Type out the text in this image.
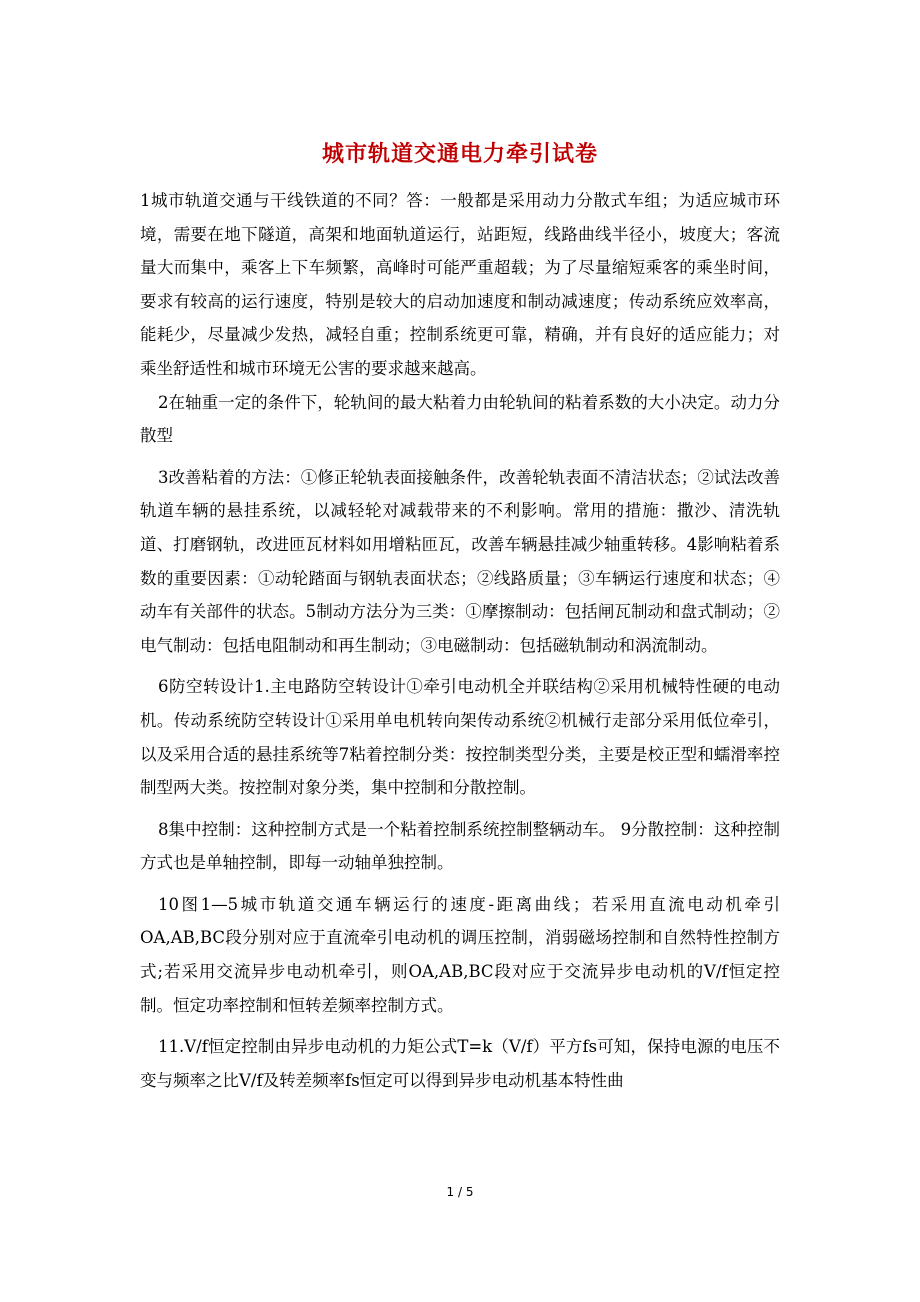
城市轨道交通电力牵引试卷

1城市轨道交通与干线铁道的不同？答：一般都是采用动力分散式车组；为适应城市环境，需要在地下隧道，高架和地面轨道运行，站距短，线路曲线半径小，坡度大；客流量大而集中，乘客上下车频繁，高峰时可能严重超载；为了尽量缩短乘客的乘坐时间，要求有较高的运行速度，特别是较大的启动加速度和制动减速度；传动系统应效率高，能耗少，尽量减少发热，减轻自重；控制系统更可靠，精确，并有良好的适应能力；对乘坐舒适性和城市环境无公害的要求越来越高。

2在轴重一定的条件下，轮轨间的最大粘着力由轮轨间的粘着系数的大小决定。动力分散型

3改善粘着的方法：①修正轮轨表面接触条件，改善轮轨表面不清洁状态；②试法改善轨道车辆的悬挂系统，以减轻轮对减载带来的不利影响。常用的措施：撒沙、清洗轨道、打磨钢轨，改进匝瓦材料如用增粘匝瓦，改善车辆悬挂减少轴重转移。4影响粘着系数的重要因素：①动轮踏面与钢轨表面状态；②线路质量；③车辆运行速度和状态；④动车有关部件的状态。5制动方法分为三类：①摩擦制动：包括闸瓦制动和盘式制动；②电气制动：包括电阻制动和再生制动；③电磁制动：包括磁轨制动和涡流制动。

6防空转设计1.主电路防空转设计①牵引电动机全并联结构②采用机械特性硬的电动机。传动系统防空转设计①采用单电机转向架传动系统②机械行走部分采用低位牵引，以及采用合适的悬挂系统等7粘着控制分类：按控制类型分类，主要是校正型和蠕滑率控制型两大类。按控制对象分类，集中控制和分散控制。

8集中控制：这种控制方式是一个粘着控制系统控制整辆动车。 9分散控制：这种控制方式也是单轴控制，即每一动轴单独控制。

10图1—5城市轨道交通车辆运行的速度-距离曲线；若采用直流电动机牵引OA,AB,BC段分别对应于直流牵引电动机的调压控制，消弱磁场控制和自然特性控制方式;若采用交流异步电动机牵引，则OA,AB,BC段对应于交流异步电动机的V/f恒定控制。恒定功率控制和恒转差频率控制方式。

11.V/f恒定控制由异步电动机的力矩公式T=k（V/f）平方fs可知，保持电源的电压不变与频率之比V/f及转差频率fs恒定可以得到异步电动机基本特性曲

1 / 5
